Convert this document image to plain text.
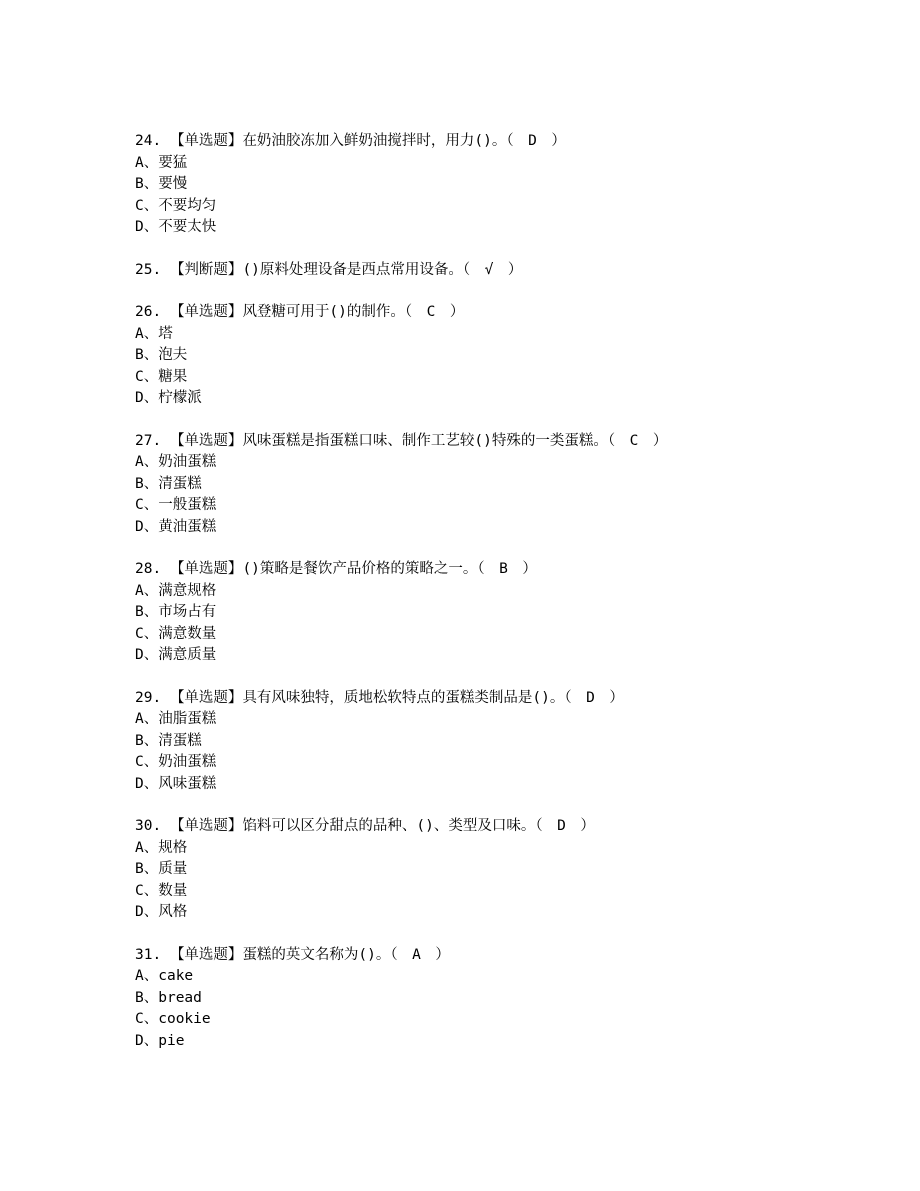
24. 【单选题】在奶油胶冻加入鲜奶油搅拌时，用力()。（　D　）
A、要猛
B、要慢
C、不要均匀
D、不要太快
25. 【判断题】()原料处理设备是西点常用设备。（　√　）
26. 【单选题】风登糖可用于()的制作。（　C　）
A、塔
B、泡夫
C、糖果
D、柠檬派
27. 【单选题】风味蛋糕是指蛋糕口味、制作工艺较()特殊的一类蛋糕。（　C　）
A、奶油蛋糕
B、清蛋糕
C、一般蛋糕
D、黄油蛋糕
28. 【单选题】()策略是餐饮产品价格的策略之一。（　B　）
A、满意规格
B、市场占有
C、满意数量
D、满意质量
29. 【单选题】具有风味独特，质地松软特点的蛋糕类制品是()。（　D　）
A、油脂蛋糕
B、清蛋糕
C、奶油蛋糕
D、风味蛋糕
30. 【单选题】馅料可以区分甜点的品种、()、类型及口味。（　D　）
A、规格
B、质量
C、数量
D、风格
31. 【单选题】蛋糕的英文名称为()。（　A　）
A、cake
B、bread
C、cookie
D、pie
